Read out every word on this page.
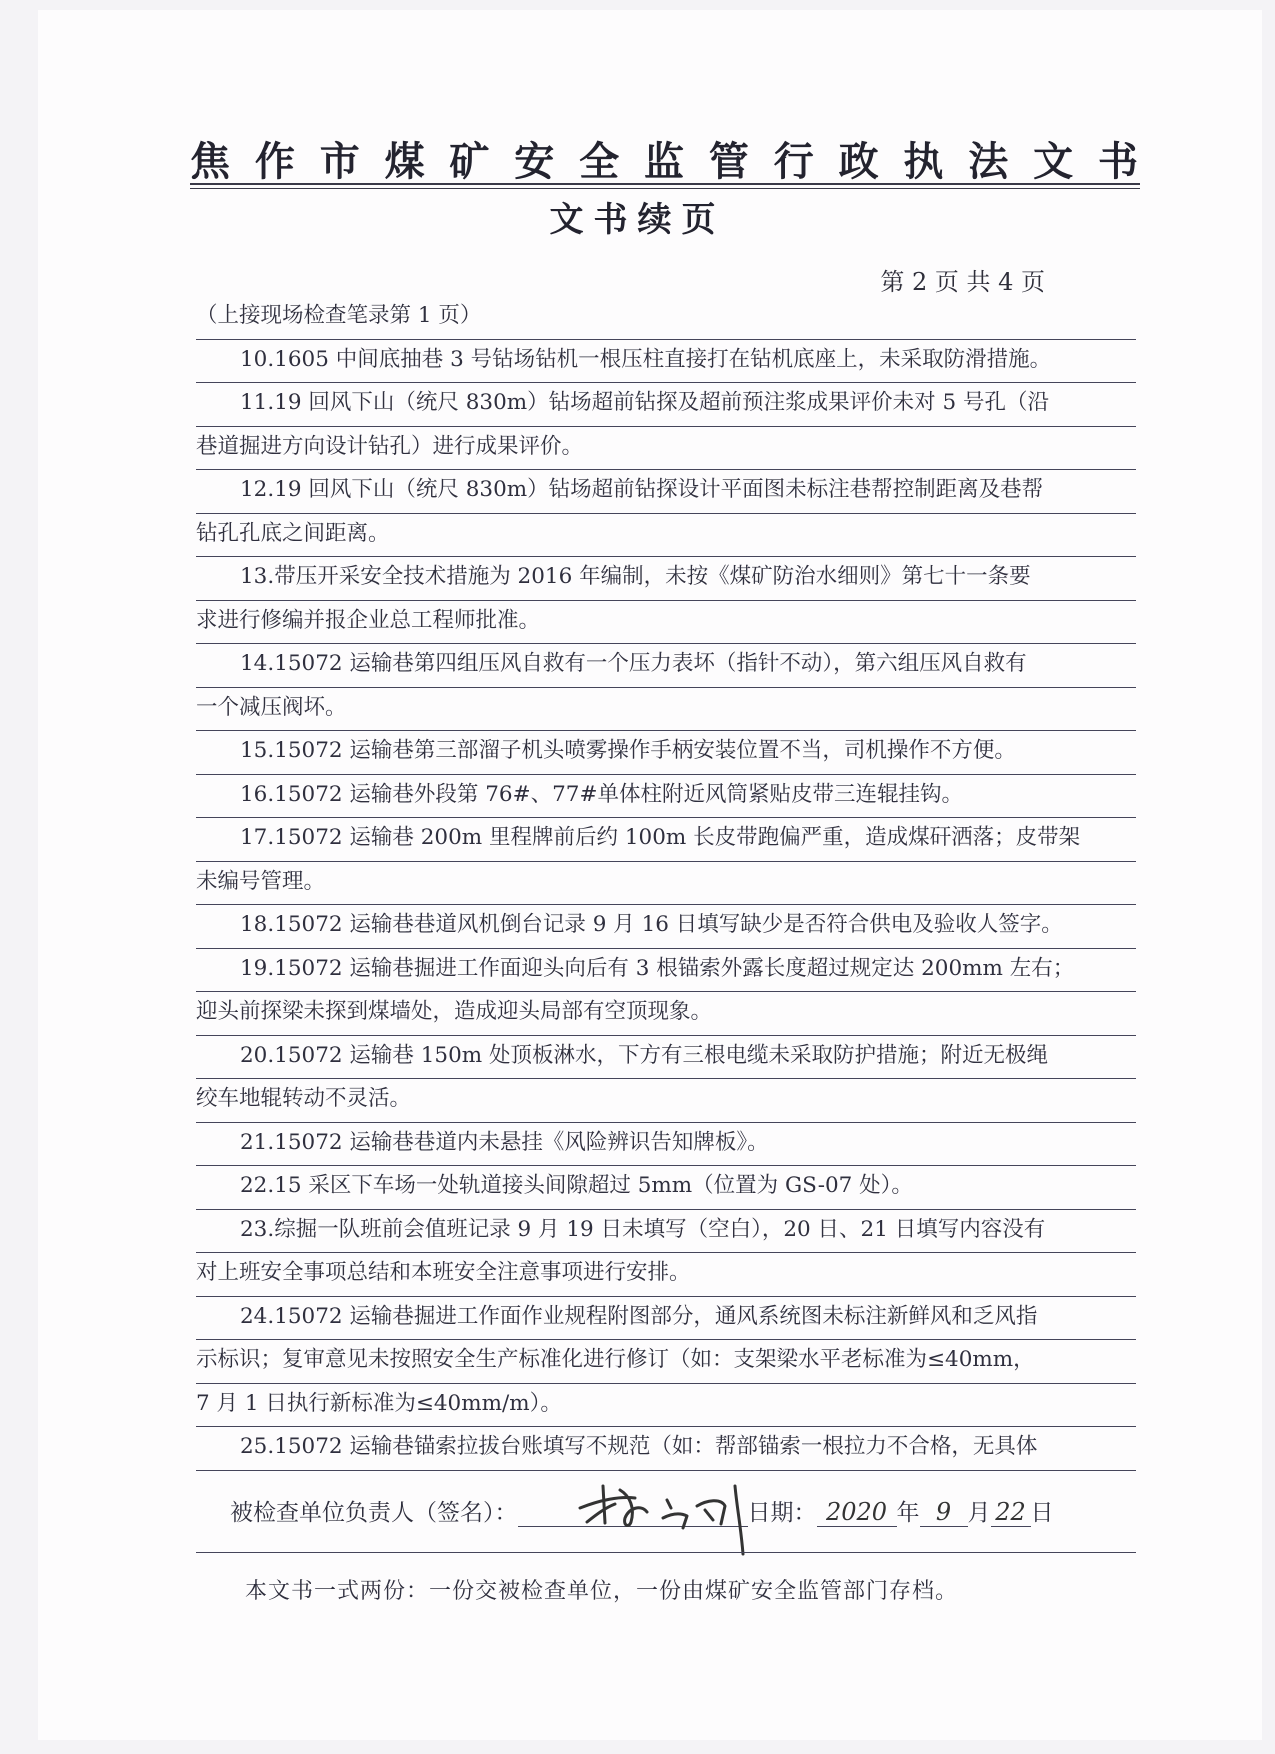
焦作市煤矿安全监管行政执法文书
文书续页
第 2 页 共 4 页
（上接现场检查笔录第 1 页）
10.1605 中间底抽巷 3 号钻场钻机一根压柱直接打在钻机底座上，未采取防滑措施。
11.19 回风下山（统尺 830m）钻场超前钻探及超前预注浆成果评价未对 5 号孔（沿
巷道掘进方向设计钻孔）进行成果评价。
12.19 回风下山（统尺 830m）钻场超前钻探设计平面图未标注巷帮控制距离及巷帮
钻孔孔底之间距离。
13.带压开采安全技术措施为 2016 年编制，未按《煤矿防治水细则》第七十一条要
求进行修编并报企业总工程师批准。
14.15072 运输巷第四组压风自救有一个压力表坏（指针不动），第六组压风自救有
一个减压阀坏。
15.15072 运输巷第三部溜子机头喷雾操作手柄安装位置不当，司机操作不方便。
16.15072 运输巷外段第 76#、77#单体柱附近风筒紧贴皮带三连辊挂钩。
17.15072 运输巷 200m 里程牌前后约 100m 长皮带跑偏严重，造成煤矸洒落；皮带架
未编号管理。
18.15072 运输巷巷道风机倒台记录 9 月 16 日填写缺少是否符合供电及验收人签字。
19.15072 运输巷掘进工作面迎头向后有 3 根锚索外露长度超过规定达 200mm 左右；
迎头前探梁未探到煤墙处，造成迎头局部有空顶现象。
20.15072 运输巷 150m 处顶板淋水，下方有三根电缆未采取防护措施；附近无极绳
绞车地辊转动不灵活。
21.15072 运输巷巷道内未悬挂《风险辨识告知牌板》。
22.15 采区下车场一处轨道接头间隙超过 5mm（位置为 GS-07 处）。
23.综掘一队班前会值班记录 9 月 19 日未填写（空白），20 日、21 日填写内容没有
对上班安全事项总结和本班安全注意事项进行安排。
24.15072 运输巷掘进工作面作业规程附图部分，通风系统图未标注新鲜风和乏风指
示标识；复审意见未按照安全生产标准化进行修订（如：支架梁水平老标准为≤40mm，
7 月 1 日执行新标准为≤40mm/m）。
25.15072 运输巷锚索拉拔台账填写不规范（如：帮部锚索一根拉力不合格，无具体
被检查单位负责人（签名）：	日期： 2020 年 9 月 22 日
本文书一式两份：一份交被检查单位，一份由煤矿安全监管部门存档。
